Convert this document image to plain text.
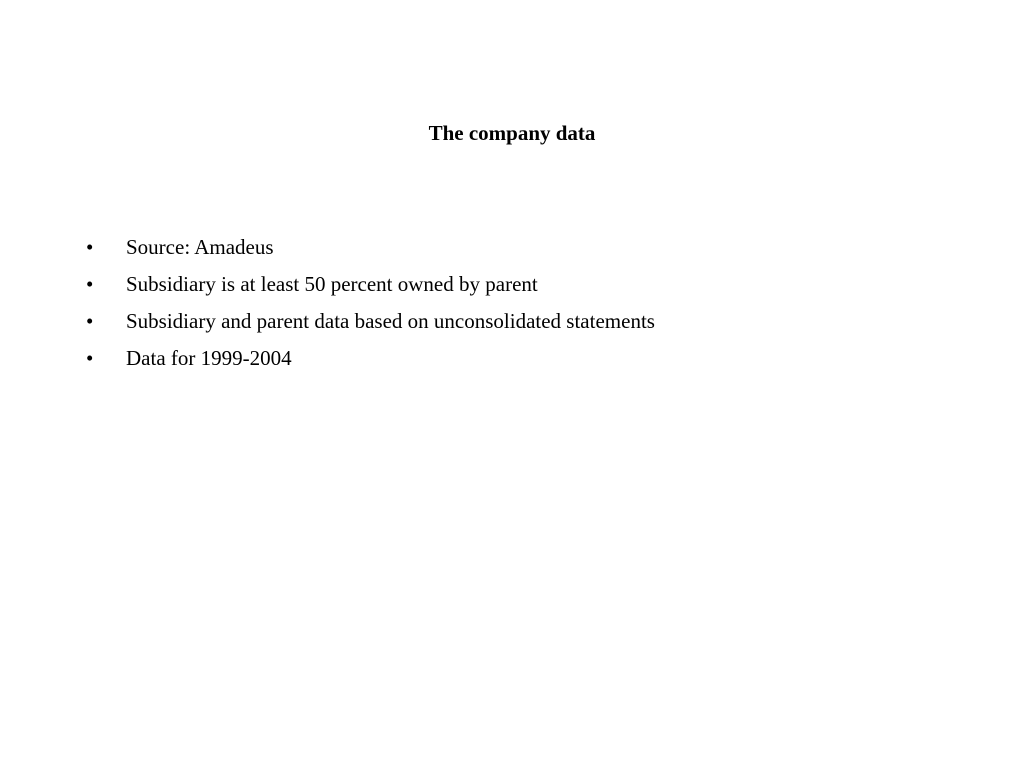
The company data
•	Source: Amadeus
•	Subsidiary is at least 50 percent owned by parent
•	Subsidiary and parent data based on unconsolidated statements
•	Data for 1999-2004
